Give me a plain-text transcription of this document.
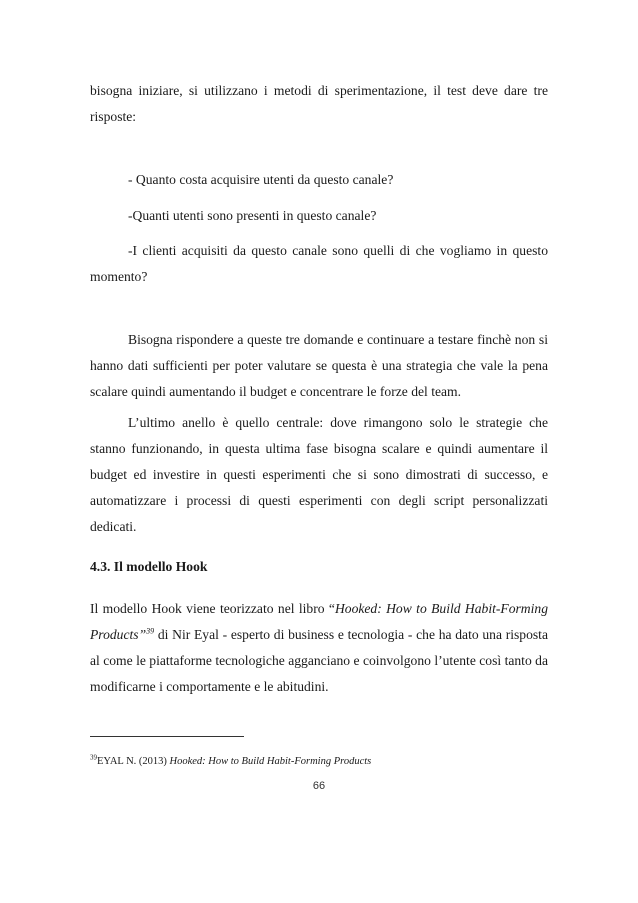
bisogna iniziare, si utilizzano i metodi di sperimentazione, il test deve dare tre risposte:

- Quanto costa acquisire utenti da questo canale?

-Quanti utenti sono presenti in questo canale?

-I clienti acquisiti da questo canale sono quelli di che vogliamo in questo momento?

Bisogna rispondere a queste tre domande e continuare a testare finchè non si hanno dati sufficienti per poter valutare se questa è una strategia che vale la pena scalare quindi aumentando il budget e concentrare le forze del team.

L’ultimo anello è quello centrale: dove rimangono solo le strategie che stanno funzionando, in questa ultima fase bisogna scalare e quindi aumentare il budget ed investire in questi esperimenti che si sono dimostrati di successo, e automatizzare i processi di questi esperimenti con degli script personalizzati dedicati.

4.3. Il modello Hook

Il modello Hook viene teorizzato nel libro “Hooked: How to Build Habit-Forming Products”$^{39}$ di Nir Eyal - esperto di business e tecnologia - che ha dato una risposta al come le piattaforme tecnologiche agganciano e coinvolgono l’utente così tanto da modificarne i comportamente e le abitudini.

$^{39}$EYAL N. (2013) Hooked: How to Build Habit-Forming Products
66
